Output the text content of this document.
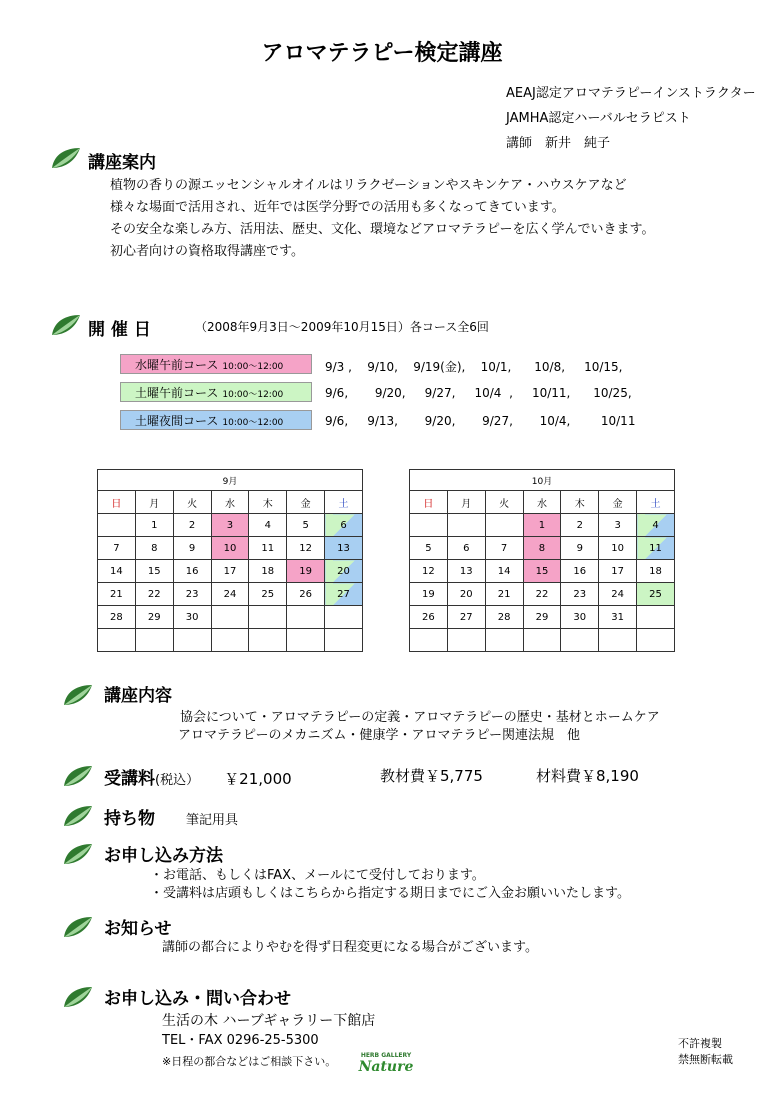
アロマテラピー検定講座
AEAJ認定アロマテラピーインストラクター
JAMHA認定ハーバルセラピスト
講師　新井　純子
講座案内
植物の香りの源エッセンシャルオイルはリラクゼーションやスキンケア・ハウスケアなど
様々な場面で活用され、近年では医学分野での活用も多くなってきています。
その安全な楽しみ方、活用法、歴史、文化、環境などアロマテラピーを広く学んでいきます。
初心者向けの資格取得講座です。
開 催 日	（2008年9月3日～2009年10月15日）各コース全6回
水曜午前コース 10:00～12:00	9/3 ,    9/10,    9/19(金),    10/1,      10/8,     10/15,
土曜午前コース 10:00～12:00	9/6,       9/20,     9/27,     10/4  ,     10/11,      10/25,
土曜夜間コース 10:00～12:00	9/6,     9/13,       9/20,       9/27,       10/4,        10/11
9月						
日	月	火	水	木	金	土
	1	2	3	4	5	6
7	8	9	10	11	12	13
14	15	16	17	18	19	20
21	22	23	24	25	26	27
28	29	30				

10月						
日	月	火	水	木	金	土
			1	2	3	4
5	6	7	8	9	10	11
12	13	14	15	16	17	18
19	20	21	22	23	24	25
26	27	28	29	30	31	

講座内容
協会について・アロマテラピーの定義・アロマテラピーの歴史・基材とホームケア
アロマテラピーのメカニズム・健康学・アロマテラピー関連法規　他
受講料(税込） ￥21,000	教材費￥5,775	材料費￥8,190
持ち物 筆記用具
お申し込み方法
・お電話、もしくはFAX、メールにて受付しております。
・受講料は店頭もしくはこちらから指定する期日までにご入金お願いいたします。
お知らせ
講師の都合によりやむを得ず日程変更になる場合がございます。
お申し込み・問い合わせ
生活の木 ハーブギャラリー下館店
TEL・FAX 0296-25-5300
※日程の都合などはご相談下さい。	HERB GALLERY
Nature
不許複製
禁無断転載
